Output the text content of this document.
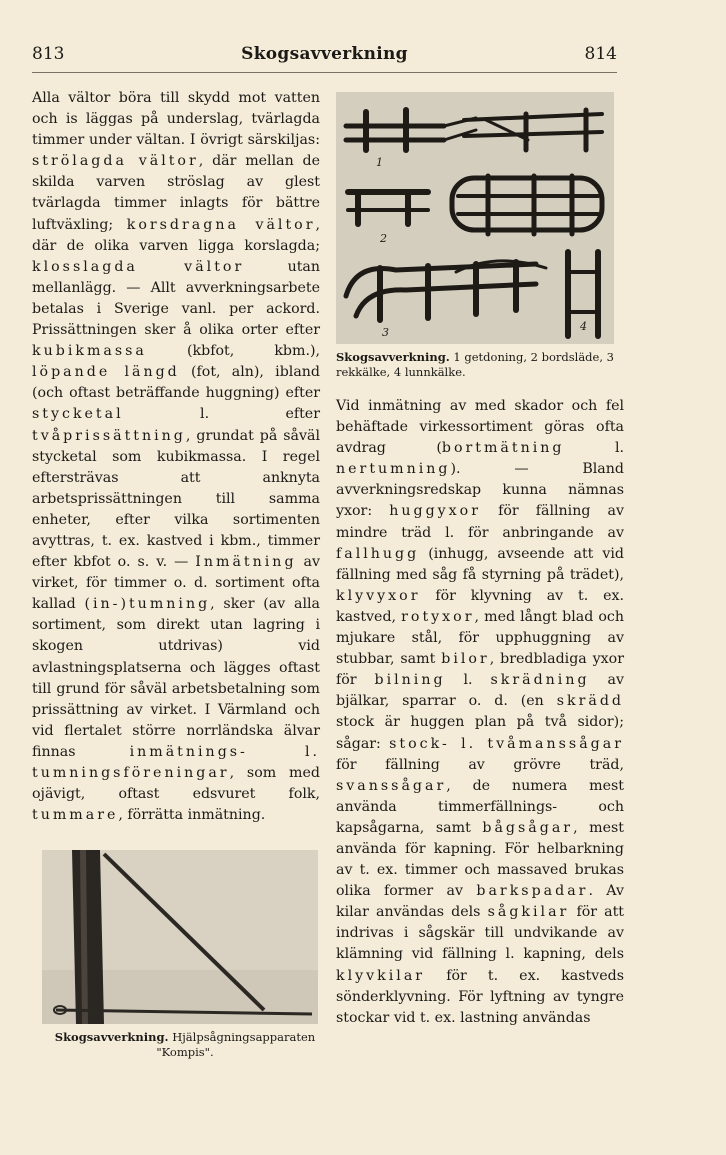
813	Skogsavverkning	814

Alla vältor böra till skydd mot vatten och is läggas på underslag, tvärlagda timmer under vältan. I övrigt särskiljas: strölagda vältor, där mellan de skilda varven ströslag av glest tvärlagda timmer inlagts för bättre luftväxling; korsdragna vältor, där de olika varven ligga korslagda; klosslagda vältor	utan mellanlägg. — Allt avverkningsarbete betalas i Sverige vanl. per ackord. Prissättningen sker å olika orter efter kubikmassa	(kbfot, kbm.), löpande längd (fot, aln), ibland (och oftast beträffande huggning) efter stycketal	l. efter tvåprissättning, grundat på såväl stycketal som kubikmassa. I regel eftersträvas att anknyta arbetsprissättningen till samma enheter, efter vilka sortimenten avyttras, t. ex. kastved i kbm., timmer efter kbfot o. s. v. — Inmätning av virket, för timmer o. d. sortiment ofta kallad (in-)tumning, sker (av alla sortiment, som direkt utan lagring i skogen utdrivas) vid avlastningsplatserna och lägges oftast till grund för såväl arbetsbetalning som prissättning av virket. I Värmland och vid flertalet större norrländska älvar finnas	inmätnings- l. tumningsföreningar, som med ojävigt, oftast edsvuret folk, tummare, förrätta inmätning.

1
2
3	4
Skogsavverkning. 1 getdoning, 2 bordsläde, 3 rekkälke, 4 lunnkälke.

Vid inmätning av med skador och fel behäftade virkessortiment göras ofta avdrag (bortmätning	l. nertumning). — Bland avverkningsredskap kunna nämnas yxor: huggyxor för fällning av mindre träd l. för anbringande av fallhugg (inhugg, avseende att vid fällning med såg få styrning på trädet), klyvyxor för klyvning av t. ex. kastved, rotyxor, med långt blad och mjukare stål, för upphuggning av stubbar, samt bilor, bredbladiga yxor för bilning l. skrädning av bjälkar, sparrar o. d. (en skrädd stock är huggen plan på två sidor); sågar: stock- l. tvåmanssågar för fällning av grövre träd, svanssågar, de numera mest använda timmerfällnings- och kapsågarna, samt bågsågar, mest använda för kapning. För helbarkning av t. ex. timmer och massaved brukas olika former av barkspadar. Av kilar användas dels sågkilar för att indrivas i sågskär till undvikande av klämning vid fällning l. kapning, dels klyvkilar för t. ex. kastveds sönderklyvning. För lyftning av tyngre stockar vid t. ex. lastning användas

Skogsavverkning. Hjälpsågningsapparaten "Kompis".
